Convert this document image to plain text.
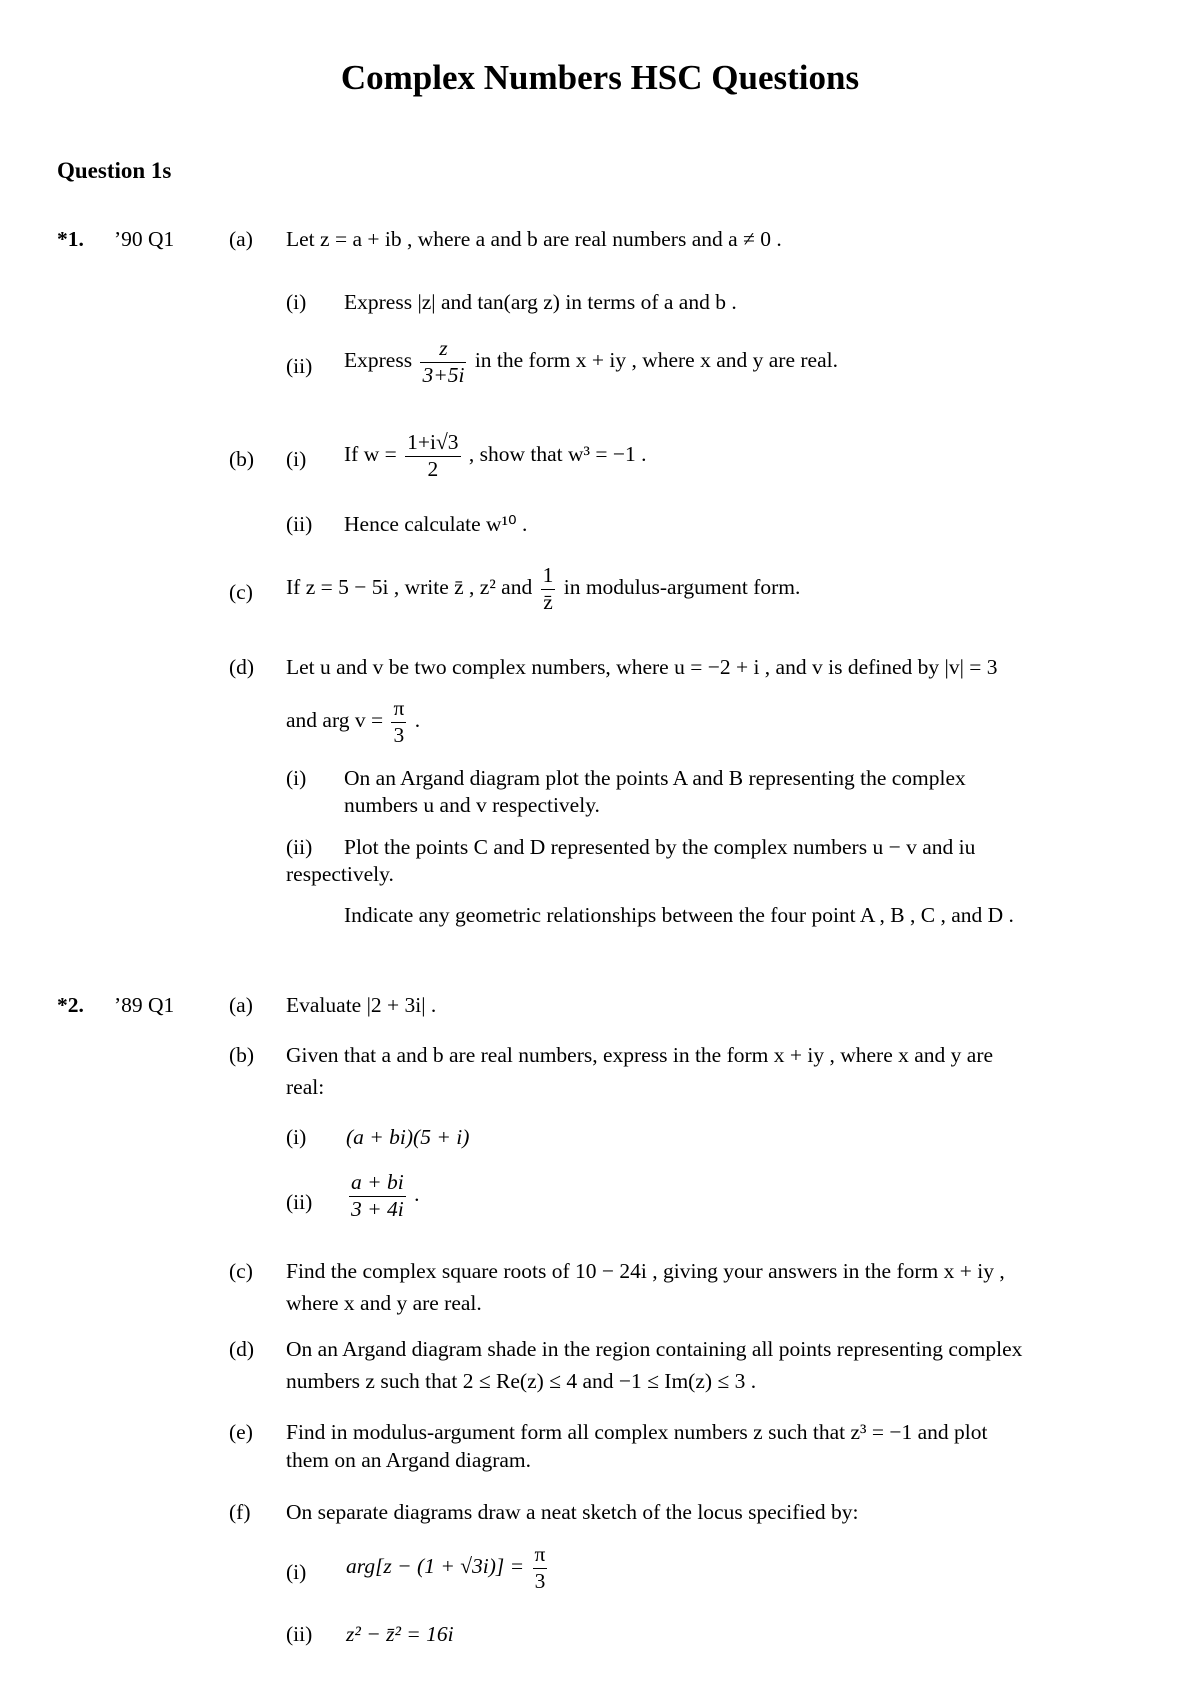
Complex Numbers HSC Questions
Question 1s
*1. ’90 Q1	(a) Let z = a + ib , where a and b are real numbers and a ≠ 0 .
(i) Express |z| and tan(arg z) in terms of a and b .
(ii) Express $\frac{z}{3+5i}$ in the form x + iy , where x and y are real.
(b) (i) If $w = \frac{1+i√3}{2}$ , show that w³ = −1 .
(ii) Hence calculate w¹⁰ .
(c) If z = 5 − 5i , write z̄ , z² and $\frac{1}{z̄}$ in modulus-argument form.
(d) Let u and v be two complex numbers, where u = −2 + i , and v is defined by |v| = 3
and arg $v = \frac{\pi}{3}$ .
(i) On an Argand diagram plot the points A and B representing the complex
numbers u and v respectively.
(ii) Plot the points C and D represented by the complex numbers u − v and iu
respectively.
Indicate any geometric relationships between the four point A , B , C , and D .
*2. ’89 Q1	(a) Evaluate |2 + 3i| .
(b) Given that a and b are real numbers, express in the form x + iy , where x and y are
real:
(i) (a + bi)(5 + i)
$(ii) \frac{a + bi}{3 + 4i}$ .
(c) Find the complex square roots of 10 − 24i , giving your answers in the form x + iy ,
where x and y are real.
(d) On an Argand diagram shade in the region containing all points representing complex
numbers z such that 2 ≤ Re(z) ≤ 4 and −1 ≤ Im(z) ≤ 3 .
(e) Find in modulus-argument form all complex numbers z such that z³ = −1 and plot
them on an Argand diagram.
(f) On separate diagrams draw a neat sketch of the locus specified by:
(i) $arg[z - (1 + √3i)] = \frac{\pi}{3}$
(ii) z² − z̄² = 16i
